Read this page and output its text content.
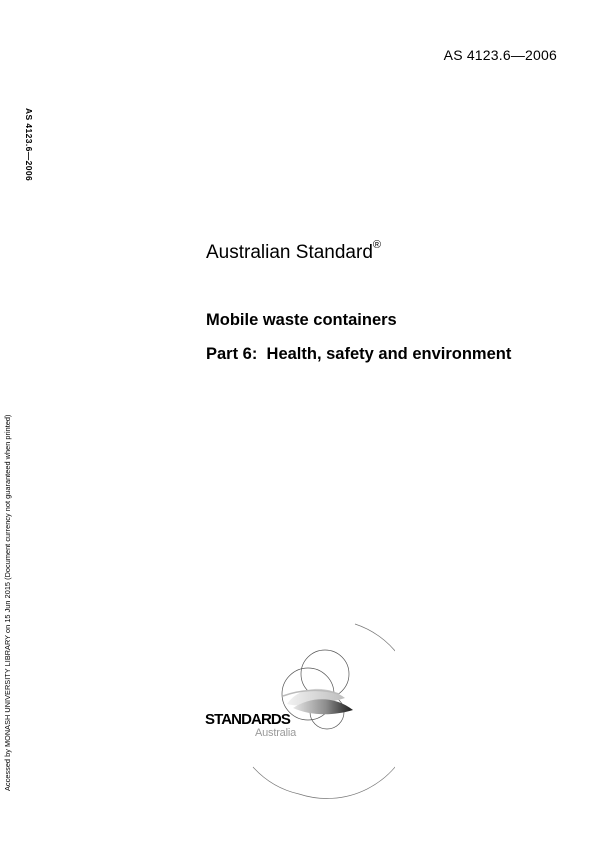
AS 4123.6—2006
AS 4123.6—2006
Accessed by MONASH UNIVERSITY LIBRARY on 15 Jun 2015 (Document currency not guaranteed when printed)
Australian Standard®
Mobile waste containers
Part 6: Health, safety and environment
STANDARDS
Australia
